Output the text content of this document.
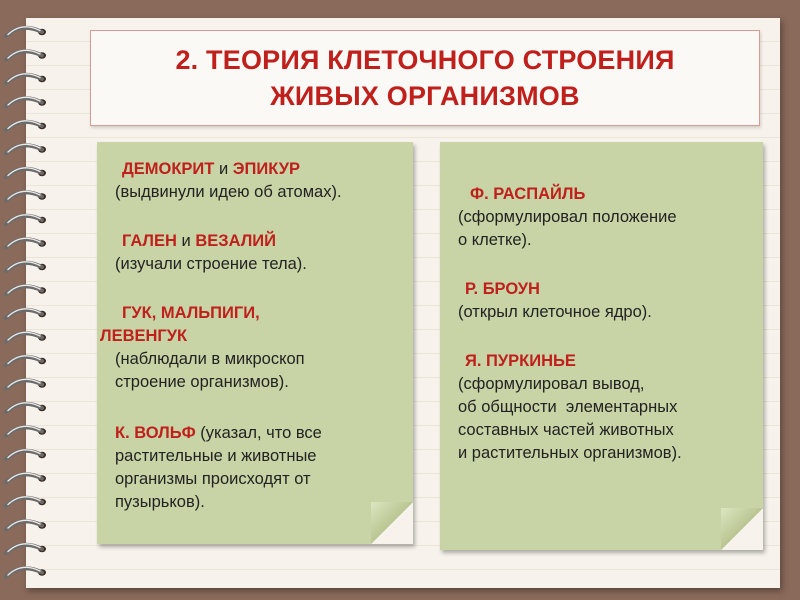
2. ТЕОРИЯ КЛЕТОЧНОГО СТРОЕНИЯ
ЖИВЫХ ОРГАНИЗМОВ
ДЕМОКРИТ и ЭПИКУР
(выдвинули идею об атомах).
ГАЛЕН и ВЕЗАЛИЙ
(изучали строение тела).
ГУК, МАЛЬПИГИ,
ЛЕВЕНГУК
(наблюдали в микроскоп
строение организмов).
К. ВОЛЬФ (указал, что все
растительные и животные
организмы происходят от
пузырьков).
Ф. РАСПАЙЛЬ
(сформулировал положение
о клетке).
Р. БРОУН
(открыл клеточное ядро).
Я. ПУРКИНЬЕ
(сформулировал вывод,
об общности  элементарных
составных частей животных
и растительных организмов).
